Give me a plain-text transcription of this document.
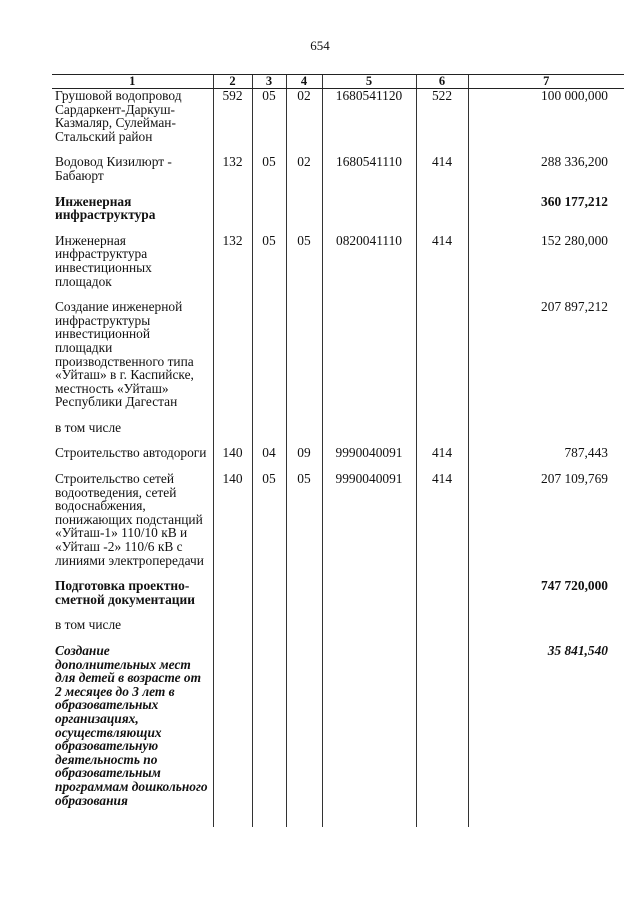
654
1	2	3	4	5	6	7
Грушовой водопровод Сардаркент-Даркуш-Казмаляр, Сулейман-Стальский район	592	05	02	1680541120	522	100 000,000

Водовод Кизилюрт - Бабаюрт	132	05	02	1680541110	414	288 336,200

Инженерная инфраструктура						360 177,212

Инженерная инфраструктура инвестиционных площадок	132	05	05	0820041110	414	152 280,000

Создание инженерной инфраструктуры инвестиционной площадки производственного типа «Уйташ» в г. Каспийске, местность «Уйташ» Республики Дагестан						207 897,212

в том числе						

Строительство автодороги	140	04	09	9990040091	414	787,443

Строительство сетей водоотведения, сетей водоснабжения, понижающих подстанций «Уйташ-1» 110/10 кВ и «Уйташ -2» 110/6 кВ с линиями электропередачи	140	05	05	9990040091	414	207 109,769

Подготовка проектно-сметной документации						747 720,000

в том числе						

Создание дополнительных мест для детей в возрасте от 2 месяцев до 3 лет в образовательных организациях, осуществляющих образовательную деятельность по образовательным программам дошкольного образования						35 841,540
